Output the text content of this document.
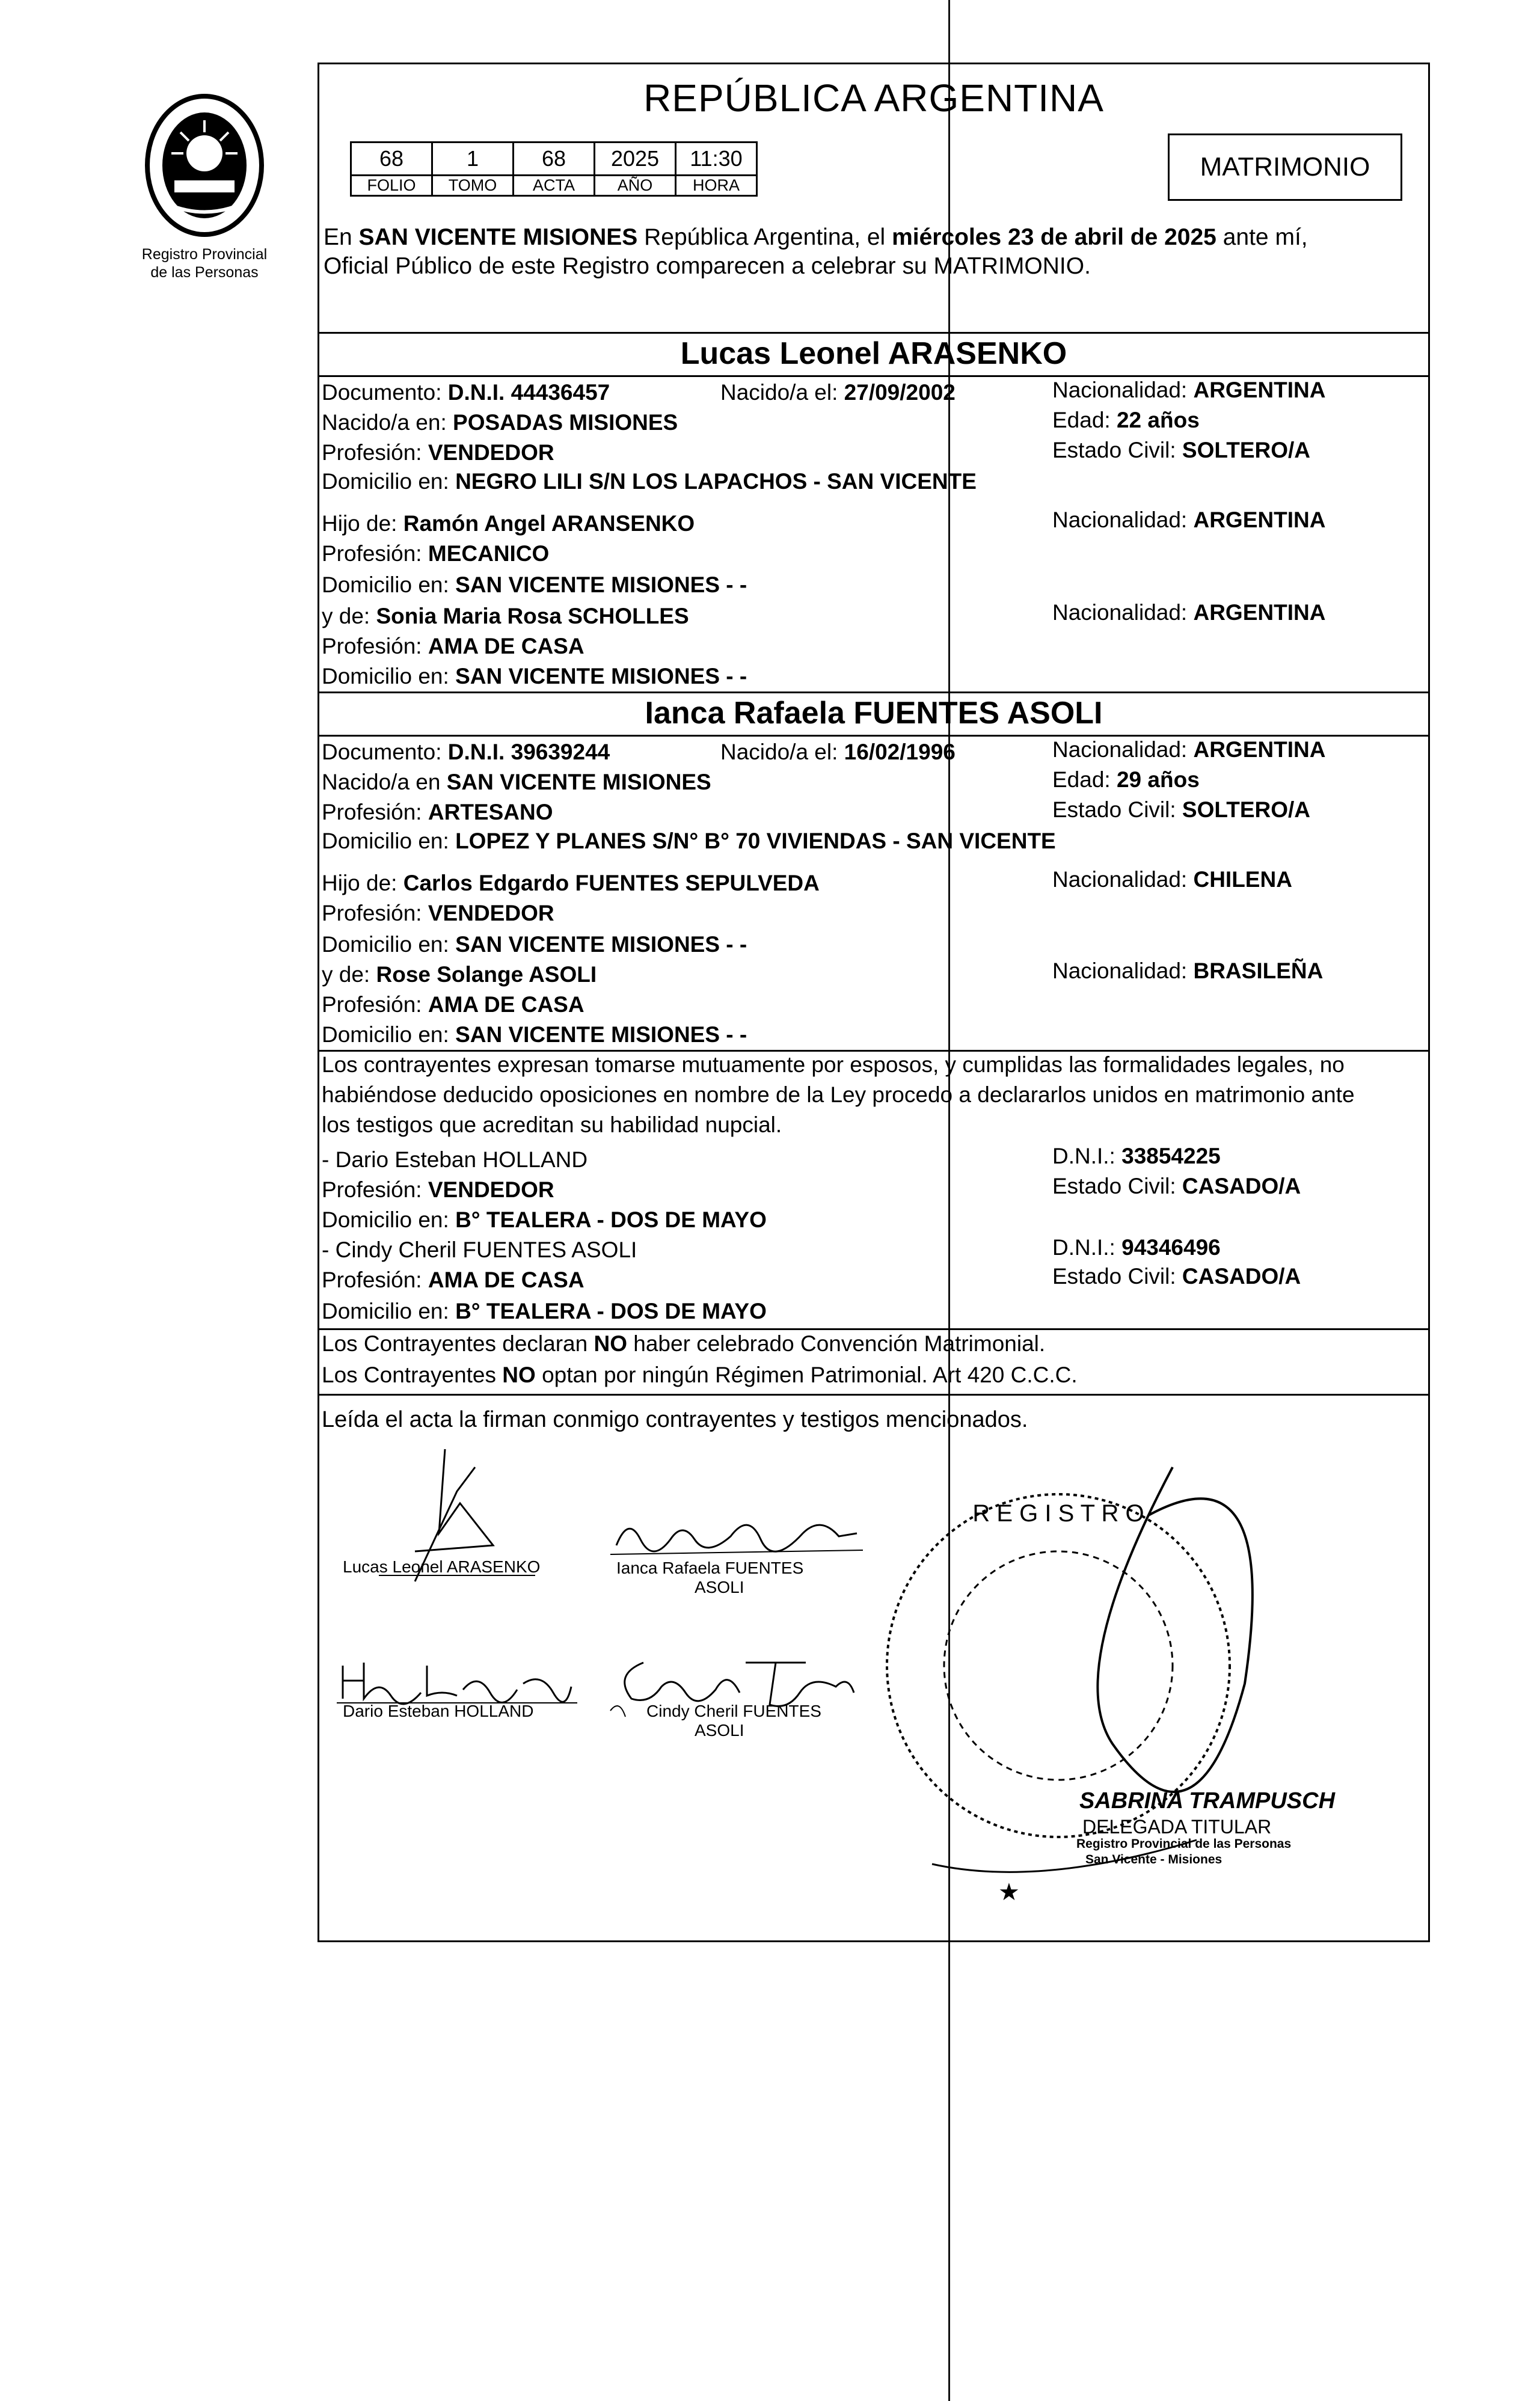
Registro Provincial
de las Personas
REPÚBLICA ARGENTINA
68	1	68	2025	11:30
FOLIO	TOMO	ACTA	AÑO	HORA
MATRIMONIO
En SAN VICENTE MISIONES República Argentina, el miércoles 23 de abril de 2025 ante mí,
Oficial Público de este Registro comparecen a celebrar su MATRIMONIO.
Lucas Leonel ARASENKO
Documento: D.N.I. 44436457	Nacido/a el: 27/09/2002	Nacionalidad: ARGENTINA
Nacido/a en: POSADAS MISIONES	Edad: 22 años
Profesión: VENDEDOR	Estado Civil: SOLTERO/A
Domicilio en: NEGRO LILI S/N LOS LAPACHOS - SAN VICENTE
Hijo de: Ramón Angel ARANSENKO	Nacionalidad: ARGENTINA
Profesión: MECANICO
Domicilio en: SAN VICENTE MISIONES - -
y de: Sonia Maria Rosa SCHOLLES	Nacionalidad: ARGENTINA
Profesión: AMA DE CASA
Domicilio en: SAN VICENTE MISIONES - -
Ianca Rafaela FUENTES ASOLI
Documento: D.N.I. 39639244	Nacido/a el: 16/02/1996	Nacionalidad: ARGENTINA
Nacido/a en SAN VICENTE MISIONES	Edad: 29 años
Profesión: ARTESANO	Estado Civil: SOLTERO/A
Domicilio en: LOPEZ Y PLANES S/N° B° 70 VIVIENDAS - SAN VICENTE
Hijo de: Carlos Edgardo FUENTES SEPULVEDA	Nacionalidad: CHILENA
Profesión: VENDEDOR
Domicilio en: SAN VICENTE MISIONES - -
y de: Rose Solange ASOLI	Nacionalidad: BRASILEÑA
Profesión: AMA DE CASA
Domicilio en: SAN VICENTE MISIONES - -
Los contrayentes expresan tomarse mutuamente por esposos, y cumplidas las formalidades legales, no
habiéndose deducido oposiciones en nombre de la Ley procedo a declararlos unidos en matrimonio ante
los testigos que acreditan su habilidad nupcial.
- Dario Esteban HOLLAND	D.N.I.: 33854225
Profesión: VENDEDOR	Estado Civil: CASADO/A
Domicilio en: B° TEALERA - DOS DE MAYO
- Cindy Cheril FUENTES ASOLI	D.N.I.: 94346496
Profesión: AMA DE CASA	Estado Civil: CASADO/A
Domicilio en: B° TEALERA - DOS DE MAYO
Los Contrayentes declaran NO haber celebrado Convención Matrimonial.
Los Contrayentes NO optan por ningún Régimen Patrimonial. Art 420 C.C.C.
Leída el acta la firman conmigo contrayentes y testigos mencionados.
Lucas Leonel ARASENKO	Ianca Rafaela FUENTES
ASOLI
Dario Esteban HOLLAND	Cindy Cheril FUENTES
ASOLI
R E G I S T R O
★
SABRINA TRAMPUSCH
DELEGADA TITULAR
Registro Provincial de las Personas
San Vicente - Misiones
